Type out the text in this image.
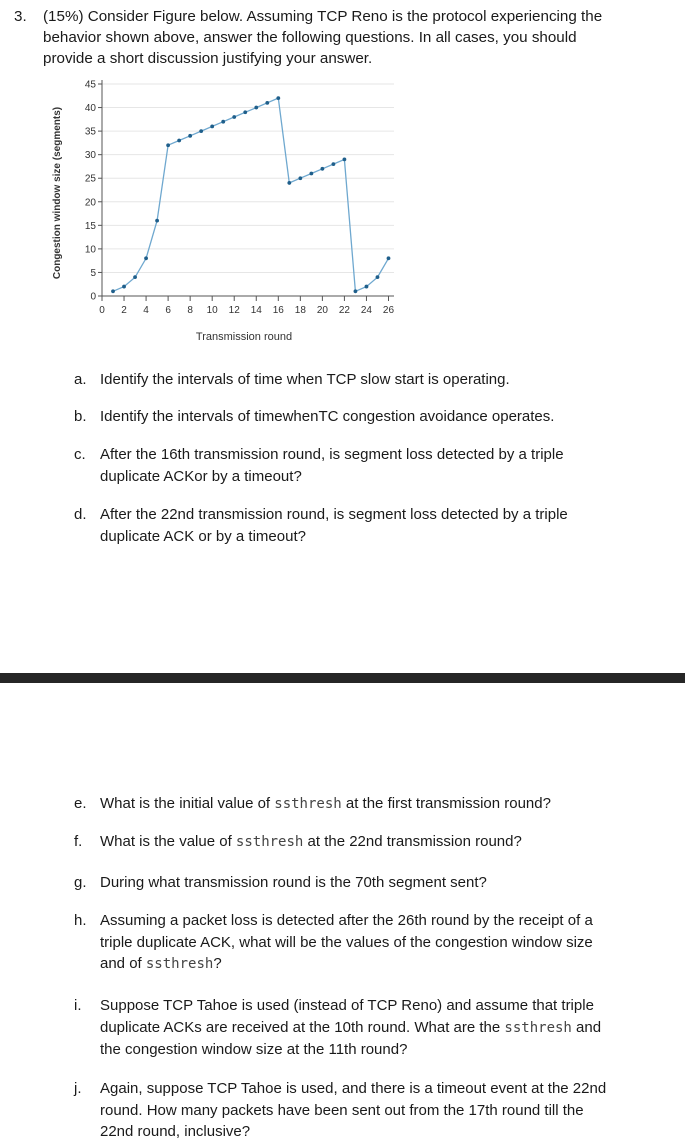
3. (15%) Consider Figure below. Assuming TCP Reno is the protocol experiencing the
behavior shown above, answer the following questions. In all cases, you should
provide a short discussion justifying your answer.
0
5
10
15
20
25
30
35
40
45
0 2 4 6 8 10 12 14 16 18 20 22 24 26
Congestion window size (segments)
Transmission round
a. Identify the intervals of time when TCP slow start is operating.
b. Identify the intervals of timewhenTC congestion avoidance operates.
c. After the 16th transmission round, is segment loss detected by a triple
duplicate ACKor by a timeout?
d. After the 22nd transmission round, is segment loss detected by a triple
duplicate ACK or by a timeout?
e. What is the initial value of ssthresh at the first transmission round?
f. What is the value of ssthresh at the 22nd transmission round?
g. During what transmission round is the 70th segment sent?
h. Assuming a packet loss is detected after the 26th round by the receipt of a
triple duplicate ACK, what will be the values of the congestion window size
and of ssthresh?
i. Suppose TCP Tahoe is used (instead of TCP Reno) and assume that triple
duplicate ACKs are received at the 10th round. What are the ssthresh and
the congestion window size at the 11th round?
j. Again, suppose TCP Tahoe is used, and there is a timeout event at the 22nd
round. How many packets have been sent out from the 17th round till the
22nd round, inclusive?
